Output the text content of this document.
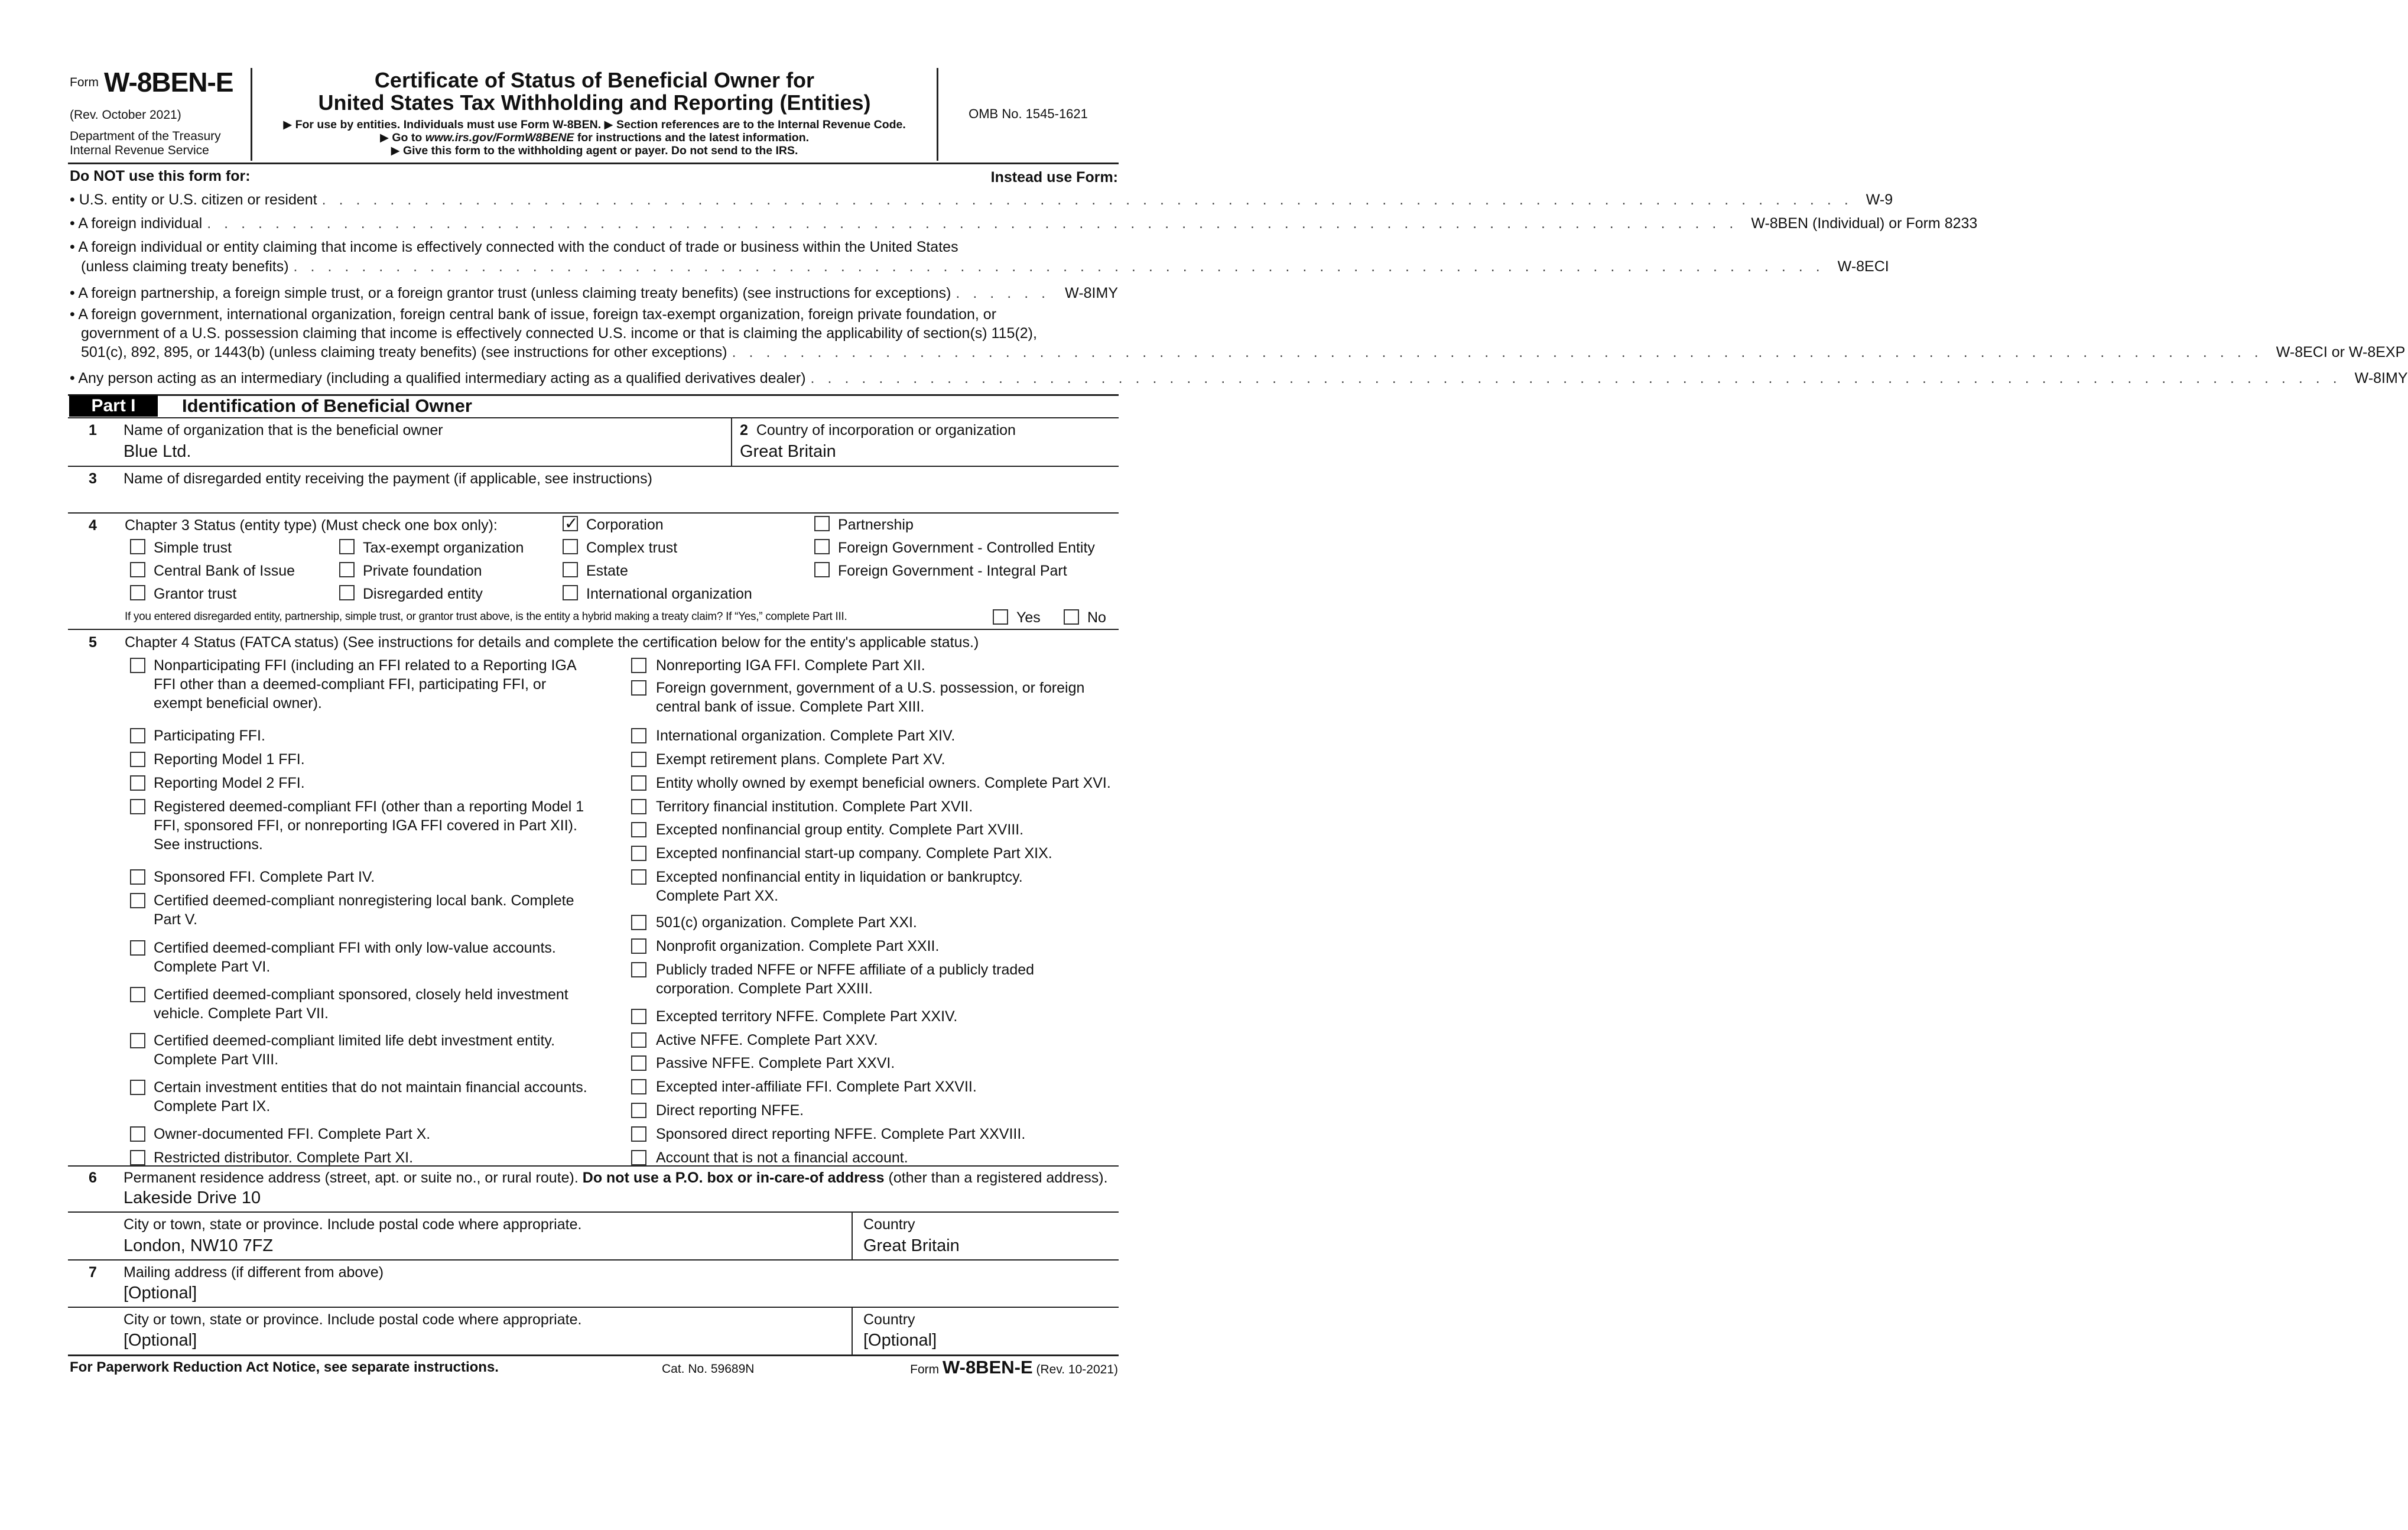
Form W-8BEN-E
(Rev. October 2021)
Department of the Treasury
Internal Revenue Service
Certificate of Status of Beneficial Owner for
United States Tax Withholding and Reporting (Entities)
▶ For use by entities. Individuals must use Form W-8BEN. ▶ Section references are to the Internal Revenue Code.
▶ Go to www.irs.gov/FormW8BENE for instructions and the latest information.
▶ Give this form to the withholding agent or payer. Do not send to the IRS.
OMB No. 1545-1621
Do NOT use this form for:	Instead use Form:
• U.S. entity or U.S. citizen or resident .......................................................................................... W-9
• A foreign individual .......................................................................................... W-8BEN (Individual) or Form 8233
• A foreign individual or entity claiming that income is effectively connected with the conduct of trade or business within the United States
(unless claiming treaty benefits) .......................................................................................... W-8ECI
• A foreign partnership, a foreign simple trust, or a foreign grantor trust (unless claiming treaty benefits) (see instructions for exceptions) ...... W-8IMY
• A foreign government, international organization, foreign central bank of issue, foreign tax-exempt organization, foreign private foundation, or
government of a U.S. possession claiming that income is effectively connected U.S. income or that is claiming the applicability of section(s) 115(2),
501(c), 892, 895, or 1443(b) (unless claiming treaty benefits) (see instructions for other exceptions) .......................................................................................... W-8ECI or W-8EXP
• Any person acting as an intermediary (including a qualified intermediary acting as a qualified derivatives dealer) .......................................................................................... W-8IMY
Part I	Identification of Beneficial Owner
1	Name of organization that is the beneficial owner
Blue Ltd.
2 Country of incorporation or organization
Great Britain
3	Name of disregarded entity receiving the payment (if applicable, see instructions)
4	Chapter 3 Status (entity type) (Must check one box only): ✓	Corporation	Partnership
Simple trust	Tax-exempt organization	Complex trust	Foreign Government - Controlled Entity
Central Bank of Issue	Private foundation	Estate	Foreign Government - Integral Part
Grantor trust	Disregarded entity	International organization
If you entered disregarded entity, partnership, simple trust, or grantor trust above, is the entity a hybrid making a treaty claim? If “Yes,” complete Part III.	Yes	No
5	Chapter 4 Status (FATCA status) (See instructions for details and complete the certification below for the entity's applicable status.)
Nonparticipating FFI (including an FFI related to a Reporting IGA
FFI other than a deemed-compliant FFI, participating FFI, or
exempt beneficial owner).
Participating FFI.
Reporting Model 1 FFI.
Reporting Model 2 FFI.
Registered deemed-compliant FFI (other than a reporting Model 1
FFI, sponsored FFI, or nonreporting IGA FFI covered in Part XII).
See instructions.
Sponsored FFI. Complete Part IV.
Certified deemed-compliant nonregistering local bank. Complete
Part V.
Certified deemed-compliant FFI with only low-value accounts.
Complete Part VI.
Certified deemed-compliant sponsored, closely held investment
vehicle. Complete Part VII.
Certified deemed-compliant limited life debt investment entity.
Complete Part VIII.
Certain investment entities that do not maintain financial accounts.
Complete Part IX.
Owner-documented FFI. Complete Part X.
Restricted distributor. Complete Part XI.
Nonreporting IGA FFI. Complete Part XII.
Foreign government, government of a U.S. possession, or foreign
central bank of issue. Complete Part XIII.
International organization. Complete Part XIV.
Exempt retirement plans. Complete Part XV.
Entity wholly owned by exempt beneficial owners. Complete Part XVI.
Territory financial institution. Complete Part XVII.
Excepted nonfinancial group entity. Complete Part XVIII.
Excepted nonfinancial start-up company. Complete Part XIX.
Excepted nonfinancial entity in liquidation or bankruptcy.
Complete Part XX.
501(c) organization. Complete Part XXI.
Nonprofit organization. Complete Part XXII.
Publicly traded NFFE or NFFE affiliate of a publicly traded
corporation. Complete Part XXIII.
Excepted territory NFFE. Complete Part XXIV.
Active NFFE. Complete Part XXV.
Passive NFFE. Complete Part XXVI.
Excepted inter-affiliate FFI. Complete Part XXVII.
Direct reporting NFFE.
Sponsored direct reporting NFFE. Complete Part XXVIII.
Account that is not a financial account.
6	Permanent residence address (street, apt. or suite no., or rural route). Do not use a P.O. box or in-care-of address (other than a registered address).
Lakeside Drive 10
City or town, state or province. Include postal code where appropriate.
London, NW10 7FZ
Country
Great Britain
7	Mailing address (if different from above)
[Optional]
City or town, state or province. Include postal code where appropriate.
[Optional]
Country
[Optional]
For Paperwork Reduction Act Notice, see separate instructions.	Cat. No. 59689N	Form W-8BEN-E (Rev. 10-2021)
